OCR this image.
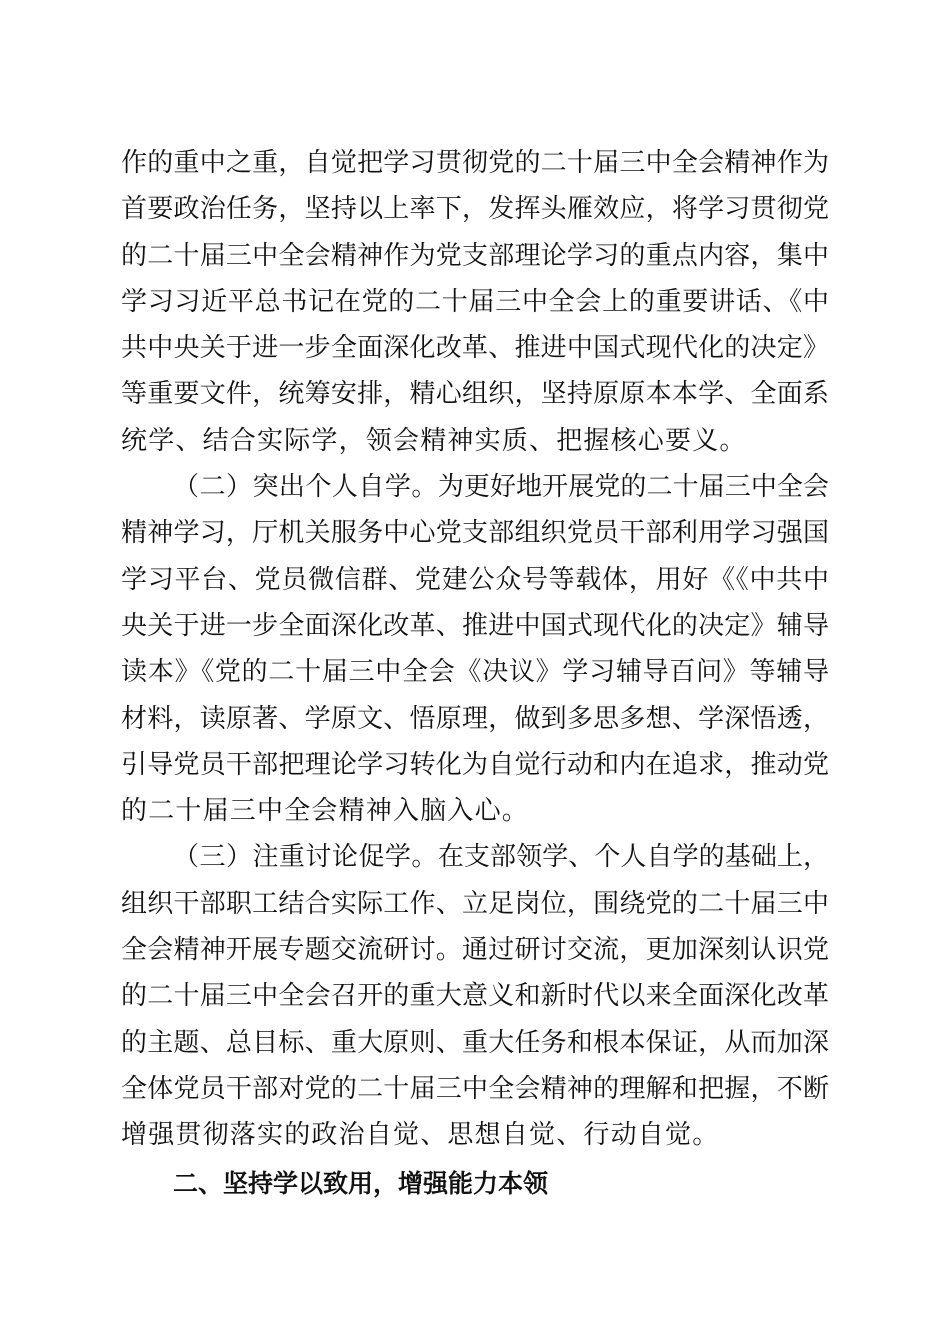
作的重中之重，自觉把学习贯彻党的二十届三中全会精神作为
首要政治任务，坚持以上率下，发挥头雁效应，将学习贯彻党
的二十届三中全会精神作为党支部理论学习的重点内容，集中
学习习近平总书记在党的二十届三中全会上的重要讲话、《中
共中央关于进一步全面深化改革、推进中国式现代化的决定》
等重要文件，统筹安排，精心组织，坚持原原本本学、全面系
统学、结合实际学，领会精神实质、把握核心要义。
（二）突出个人自学。为更好地开展党的二十届三中全会
精神学习，厅机关服务中心党支部组织党员干部利用学习强国
学习平台、党员微信群、党建公众号等载体，用好《《中共中
央关于进一步全面深化改革、推进中国式现代化的决定》辅导
读本》《党的二十届三中全会《决议》学习辅导百问》等辅导
材料，读原著、学原文、悟原理，做到多思多想、学深悟透，
引导党员干部把理论学习转化为自觉行动和内在追求，推动党
的二十届三中全会精神入脑入心。
（三）注重讨论促学。在支部领学、个人自学的基础上，
组织干部职工结合实际工作、立足岗位，围绕党的二十届三中
全会精神开展专题交流研讨。通过研讨交流，更加深刻认识党
的二十届三中全会召开的重大意义和新时代以来全面深化改革
的主题、总目标、重大原则、重大任务和根本保证，从而加深
全体党员干部对党的二十届三中全会精神的理解和把握，不断
增强贯彻落实的政治自觉、思想自觉、行动自觉。
二、坚持学以致用，增强能力本领
